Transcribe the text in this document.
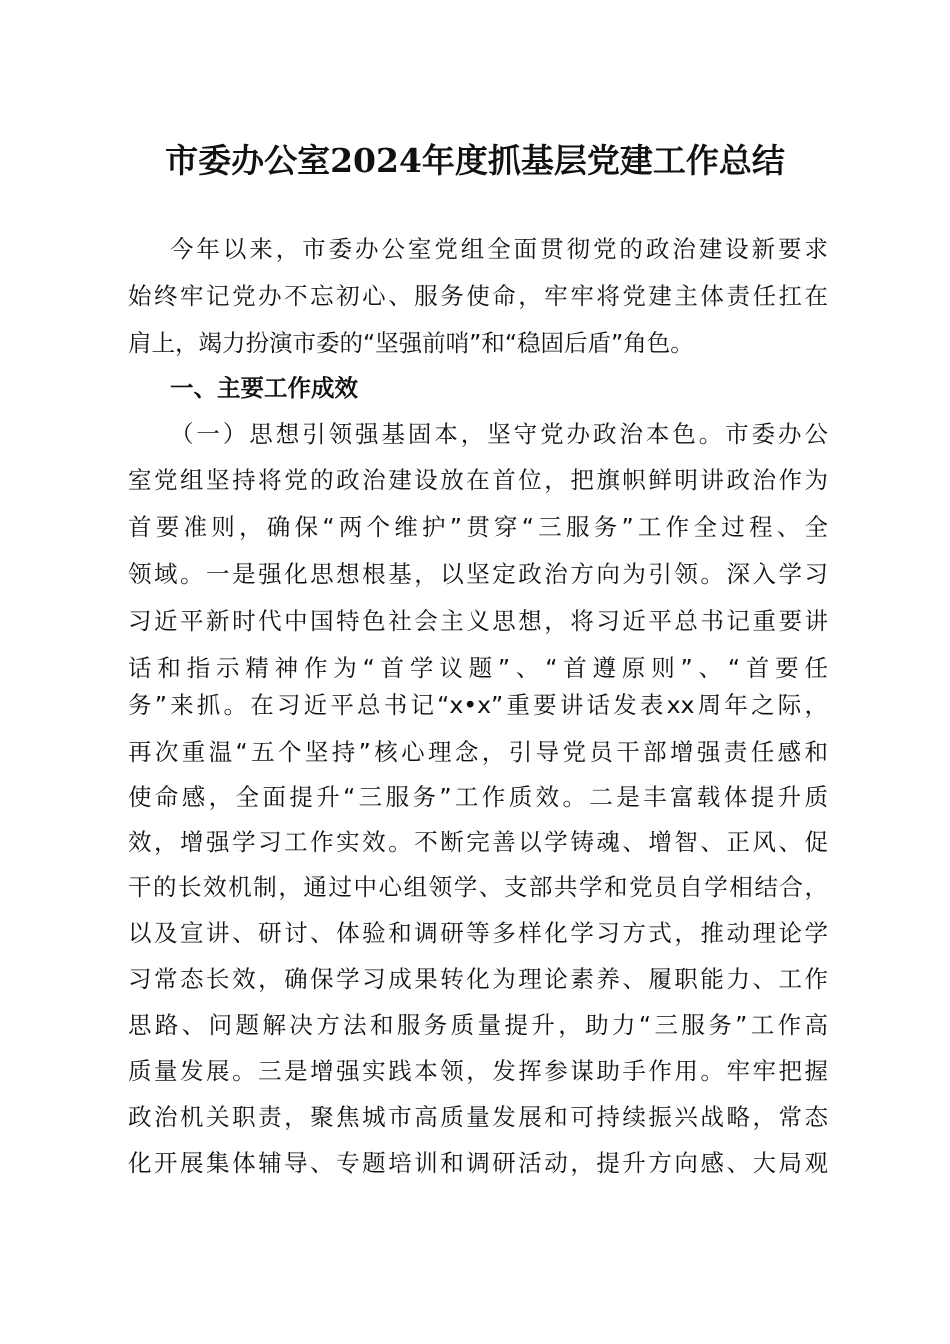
市委办公室2024年度抓基层党建工作总结
今年以来，市委办公室党组全面贯彻党的政治建设新要求
始终牢记党办不忘初心、服务使命，牢牢将党建主体责任扛在
肩上，竭力扮演市委的“坚强前哨”和“稳固后盾”角色。
一、主要工作成效
（一）思想引领强基固本，坚守党办政治本色。市委办公
室党组坚持将党的政治建设放在首位，把旗帜鲜明讲政治作为
首要准则，确保“两个维护”贯穿“三服务”工作全过程、全
领域。一是强化思想根基，以坚定政治方向为引领。深入学习
习近平新时代中国特色社会主义思想，将习近平总书记重要讲
话和指示精神作为“首学议题”、“首遵原则”、“首要任
务”来抓。在习近平总书记“x•x”重要讲话发表xx周年之际，
再次重温“五个坚持”核心理念，引导党员干部增强责任感和
使命感，全面提升“三服务”工作质效。二是丰富载体提升质
效，增强学习工作实效。不断完善以学铸魂、增智、正风、促
干的长效机制，通过中心组领学、支部共学和党员自学相结合，
以及宣讲、研讨、体验和调研等多样化学习方式，推动理论学
习常态长效，确保学习成果转化为理论素养、履职能力、工作
思路、问题解决方法和服务质量提升，助力“三服务”工作高
质量发展。三是增强实践本领，发挥参谋助手作用。牢牢把握
政治机关职责，聚焦城市高质量发展和可持续振兴战略，常态
化开展集体辅导、专题培训和调研活动，提升方向感、大局观
